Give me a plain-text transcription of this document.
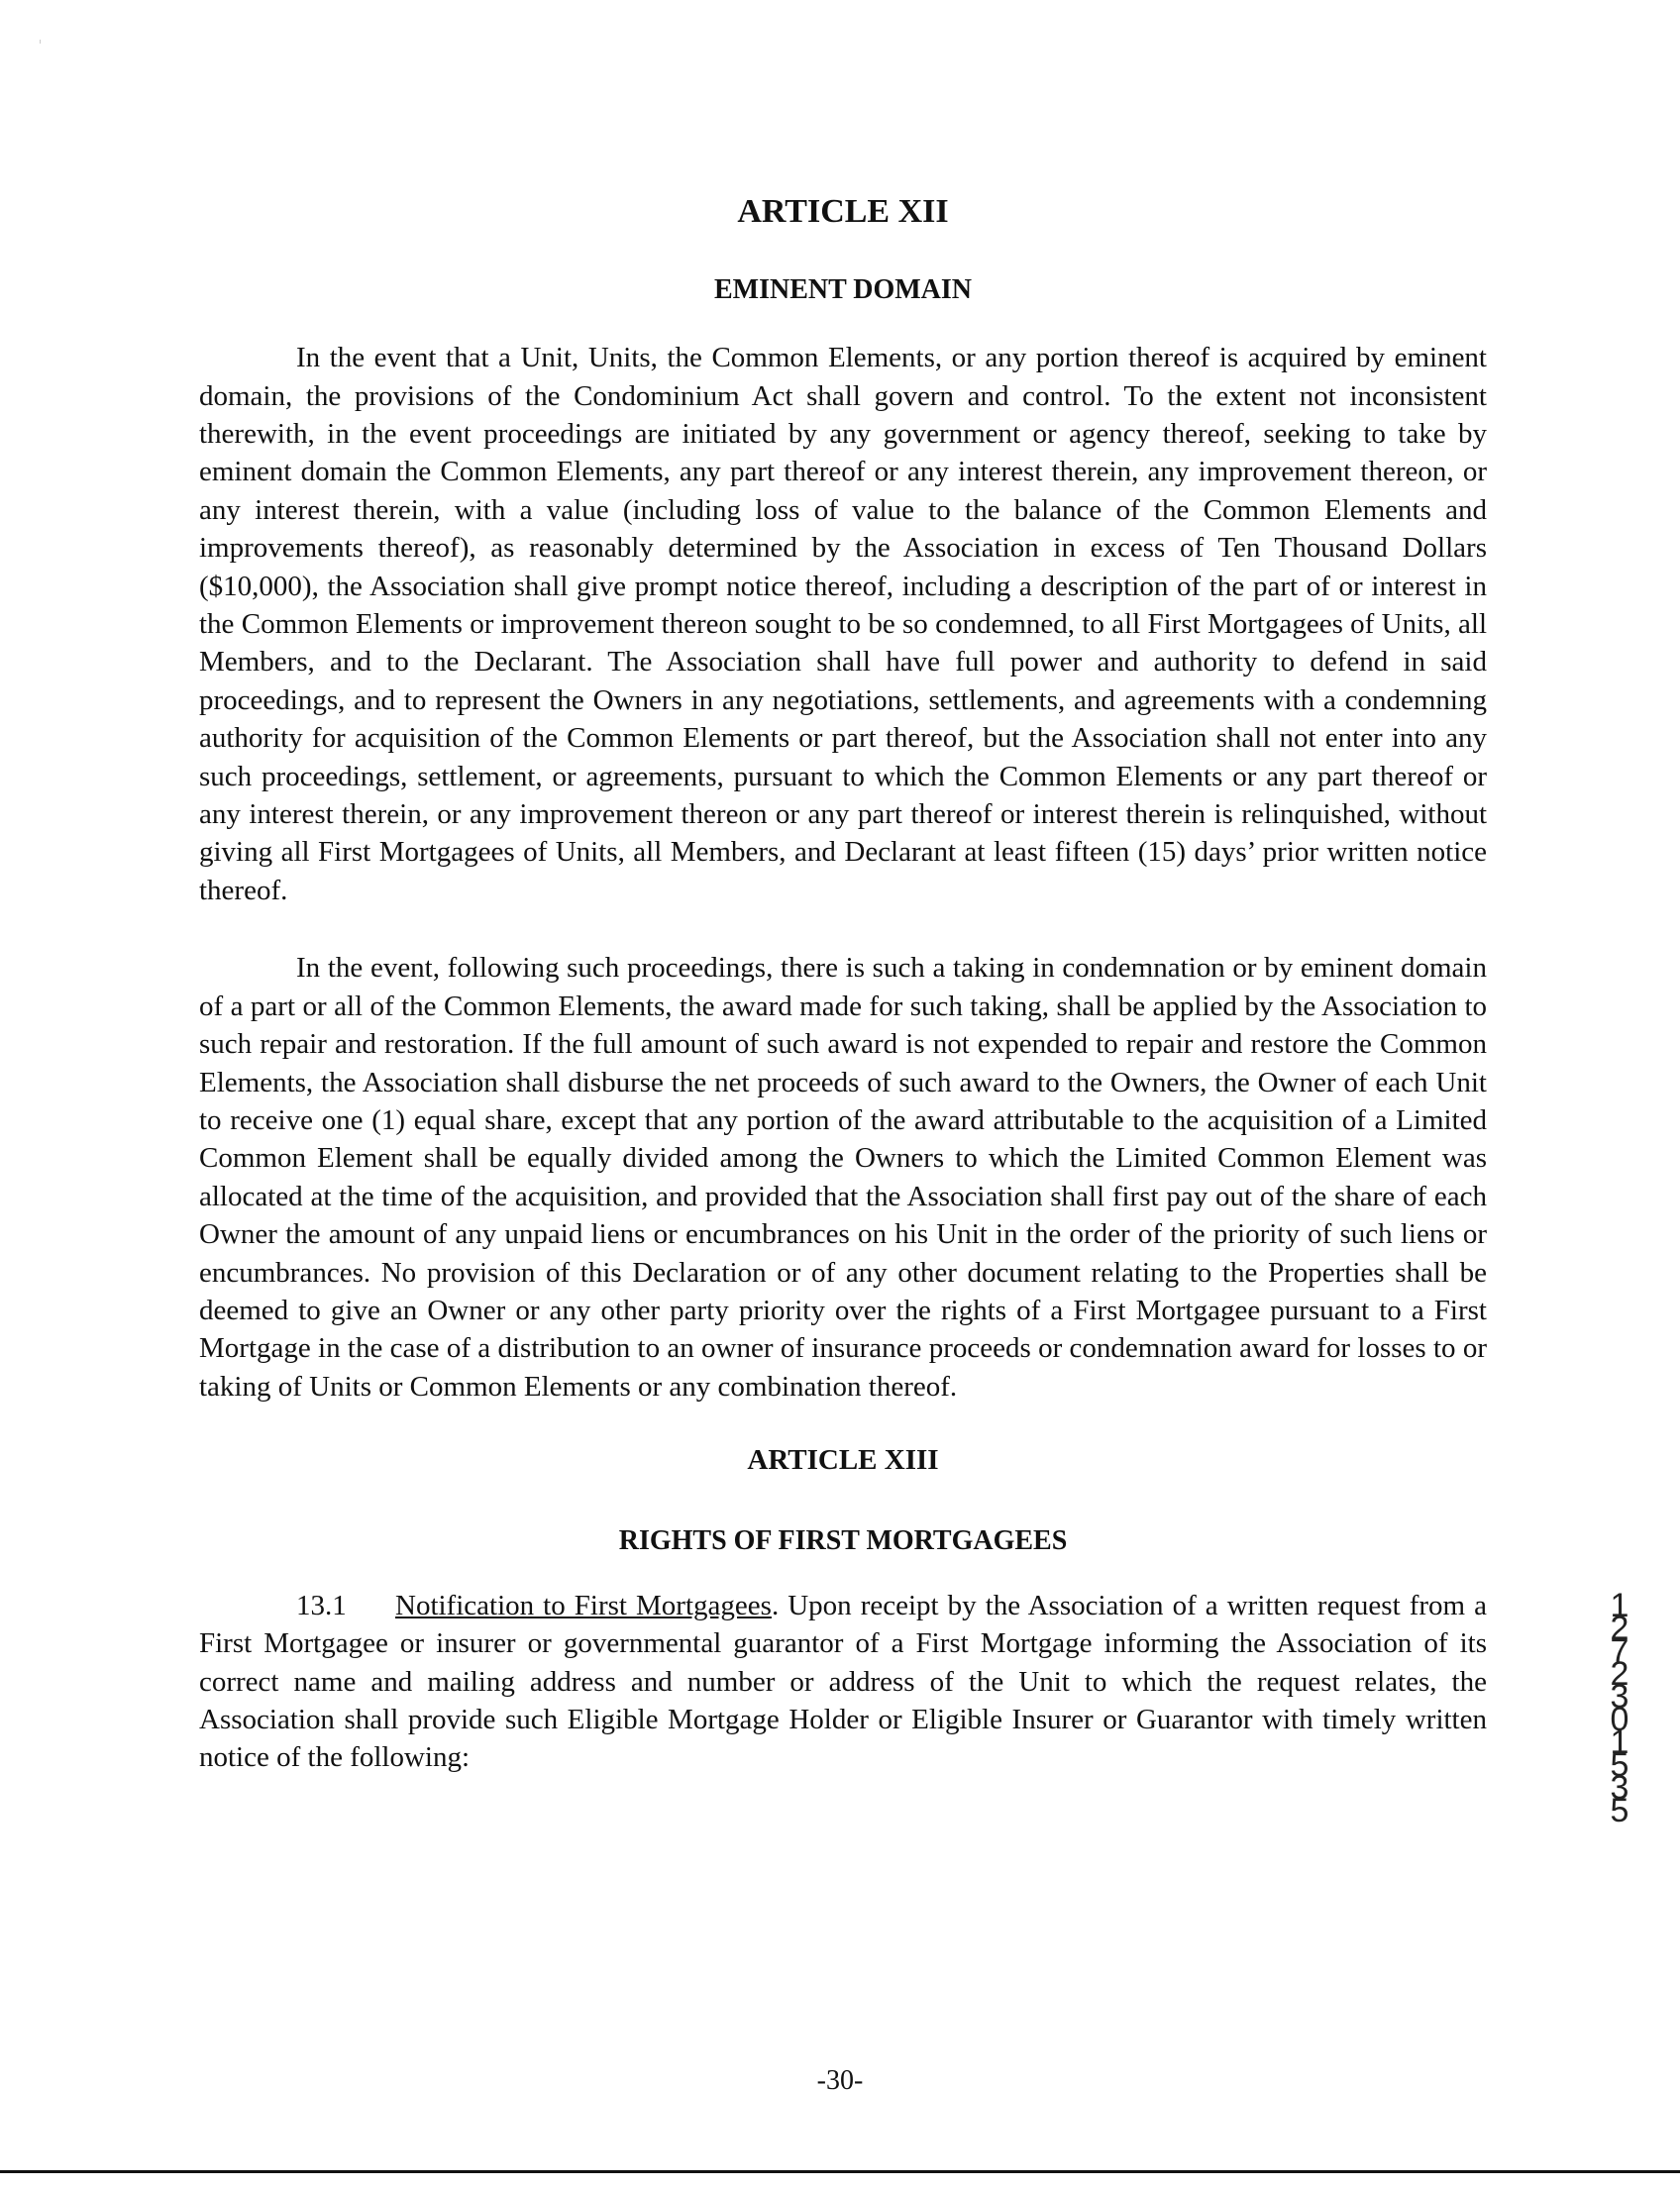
ARTICLE XII
EMINENT DOMAIN

In the event that a Unit, Units, the Common Elements, or any portion thereof is acquired by eminent domain, the provisions of the Condominium Act shall govern and control. To the extent not inconsistent therewith, in the event proceedings are initiated by any government or agency thereof, seeking to take by eminent domain the Common Elements, any part thereof or any interest therein, any improvement thereon, or any interest therein, with a value (including loss of value to the balance of the Common Elements and improvements thereof), as reasonably determined by the Association in excess of Ten Thousand Dollars ($10,000), the Association shall give prompt notice thereof, including a description of the part of or interest in the Common Elements or improvement thereon sought to be so condemned, to all First Mortgagees of Units, all Members, and to the Declarant. The Association shall have full power and authority to defend in said proceedings, and to represent the Owners in any negotiations, settlements, and agreements with a condemning authority for acquisition of the Common Elements or part thereof, but the Association shall not enter into any such proceedings, settlement, or agreements, pursuant to which the Common Elements or any part thereof or any interest therein, or any improvement thereon or any part thereof or interest therein is relinquished, without giving all First Mortgagees of Units, all Members, and Declarant at least fifteen (15) days’ prior written notice thereof.

In the event, following such proceedings, there is such a taking in condemnation or by eminent domain of a part or all of the Common Elements, the award made for such taking, shall be applied by the Association to such repair and restoration. If the full amount of such award is not expended to repair and restore the Common Elements, the Association shall disburse the net proceeds of such award to the Owners, the Owner of each Unit to receive one (1) equal share, except that any portion of the award attributable to the acquisition of a Limited Common Element shall be equally divided among the Owners to which the Limited Common Element was allocated at the time of the acquisition, and provided that the Association shall first pay out of the share of each Owner the amount of any unpaid liens or encumbrances on his Unit in the order of the priority of such liens or encumbrances. No provision of this Declaration or of any other document relating to the Properties shall be deemed to give an Owner or any other party priority over the rights of a First Mortgagee pursuant to a First Mortgage in the case of a distribution to an owner of insurance proceeds or condemnation award for losses to or taking of Units or Common Elements or any combination thereof.

ARTICLE XIII
RIGHTS OF FIRST MORTGAGEES

13.1 Notification to First Mortgagees. Upon receipt by the Association of a written request from a First Mortgagee or insurer or governmental guarantor of a First Mortgage informing the Association of its correct name and mailing address and number or address of the Unit to which the request relates, the Association shall provide such Eligible Mortgage Holder or Eligible Insurer or Guarantor with timely written notice of the following:

-30-

1272301535
